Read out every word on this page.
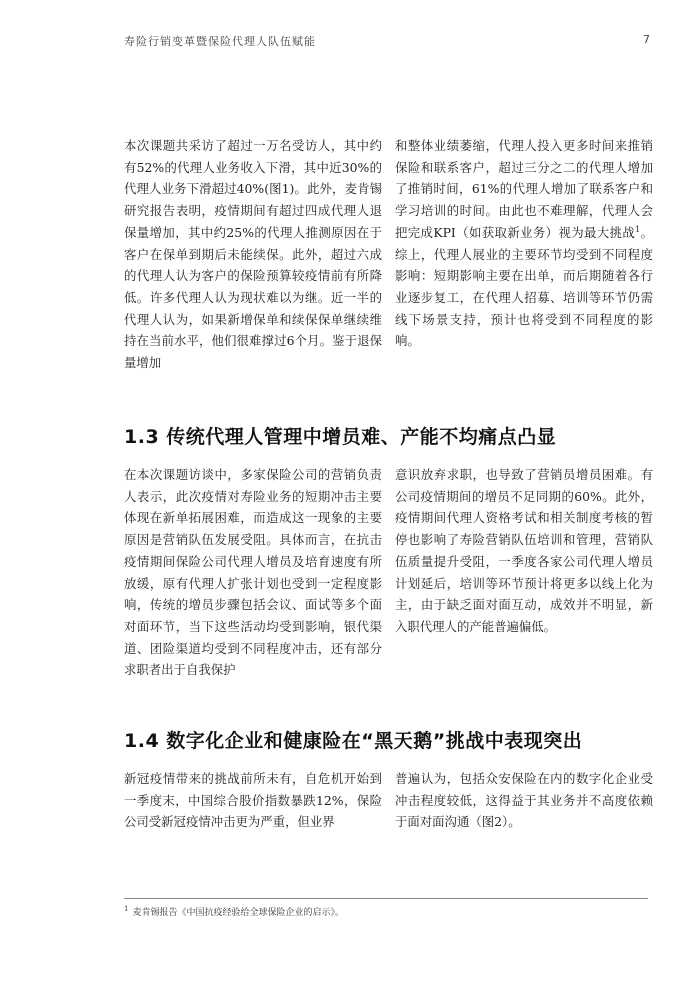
寿险行销变革暨保险代理人队伍赋能	7

本次课题共采访了超过一万名受访人，其中约有52%的代理人业务收入下滑，其中近30%的代理人业务下滑超过40%(图1)。此外，麦肯锡研究报告表明，疫情期间有超过四成代理人退保量增加，其中约25%的代理人推测原因在于客户在保单到期后未能续保。此外，超过六成的代理人认为客户的保险预算较疫情前有所降低。许多代理人认为现状难以为继。近一半的代理人认为，如果新增保单和续保保单继续维持在当前水平，他们很难撑过6个月。鉴于退保量增加

和整体业绩萎缩，代理人投入更多时间来推销保险和联系客户，超过三分之二的代理人增加了推销时间，61%的代理人增加了联系客户和学习培训的时间。由此也不难理解，代理人会把完成KPI（如获取新业务）视为最大挑战$^1$。综上，代理人展业的主要环节均受到不同程度影响：短期影响主要在出单，而后期随着各行业逐步复工，在代理人招募、培训等环节仍需线下场景支持，预计也将受到不同程度的影响。

1.3 传统代理人管理中增员难、产能不均痛点凸显

在本次课题访谈中，多家保险公司的营销负责人表示，此次疫情对寿险业务的短期冲击主要体现在新单拓展困难，而造成这一现象的主要原因是营销队伍发展受阻。具体而言，在抗击疫情期间保险公司代理人增员及培育速度有所放缓，原有代理人扩张计划也受到一定程度影响，传统的增员步骤包括会议、面试等多个面对面环节，当下这些活动均受到影响，银代渠道、团险渠道均受到不同程度冲击，还有部分求职者出于自我保护

意识放弃求职，也导致了营销员增员困难。有公司疫情期间的增员不足同期的60%。此外，疫情期间代理人资格考试和相关制度考核的暂停也影响了寿险营销队伍培训和管理，营销队伍质量提升受阻，一季度各家公司代理人增员计划延后，培训等环节预计将更多以线上化为主，由于缺乏面对面互动，成效并不明显，新入职代理人的产能普遍偏低。

1.4 数字化企业和健康险在“黑天鹅”挑战中表现突出

新冠疫情带来的挑战前所未有，自危机开始到一季度末，中国综合股价指数暴跌12%，保险公司受新冠疫情冲击更为严重，但业界

普遍认为，包括众安保险在内的数字化企业受冲击程度较低，这得益于其业务并不高度依赖于面对面沟通（图2）。

$^1$ 麦肯锡报告《中国抗疫经验给全球保险企业的启示》。
